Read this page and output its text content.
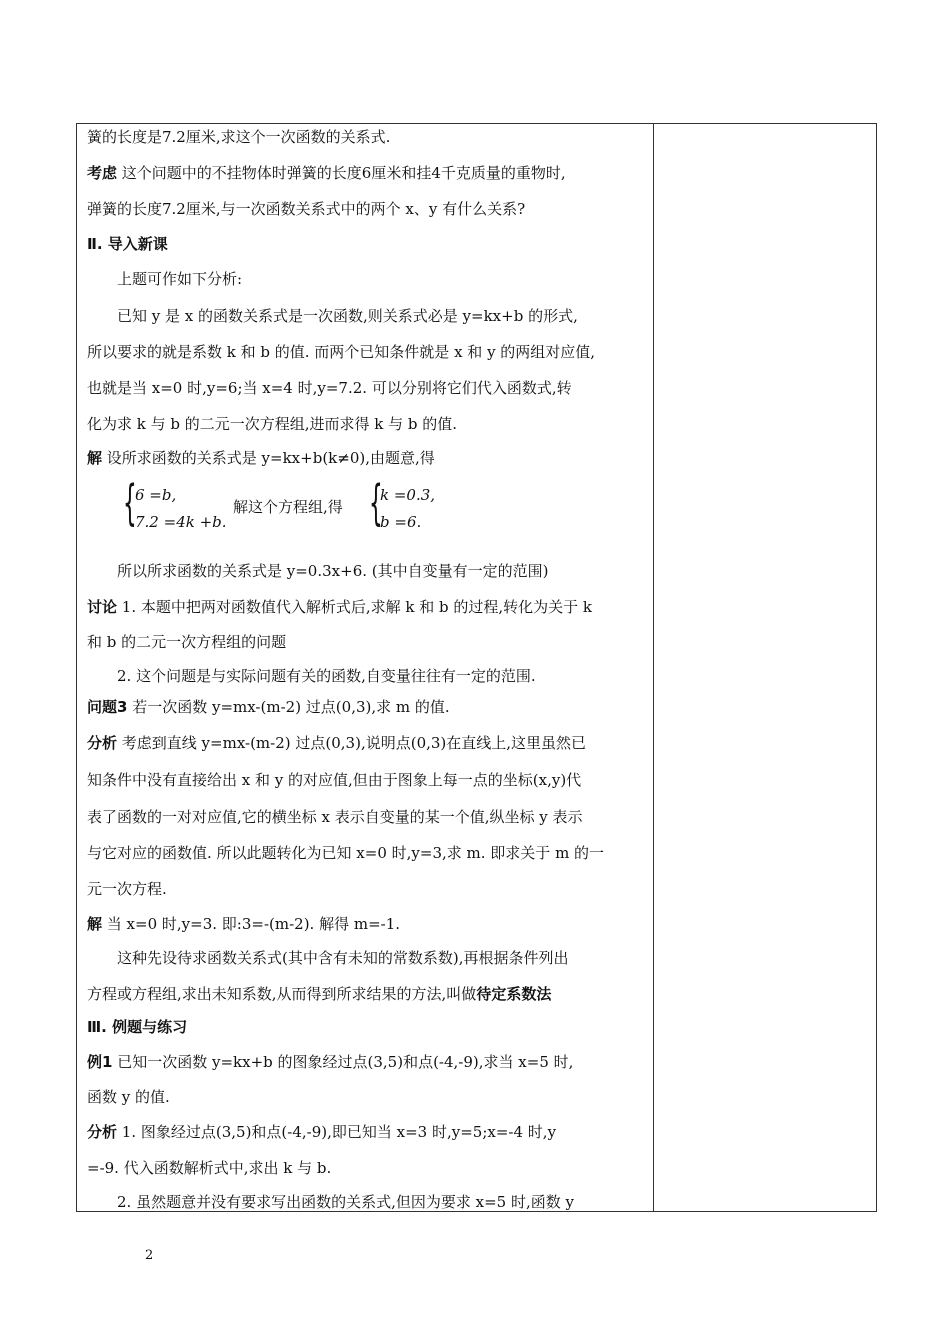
簧的长度是7.2厘米,求这个一次函数的关系式.
考虑 这个问题中的不挂物体时弹簧的长度6厘米和挂4千克质量的重物时,
弹簧的长度7.2厘米,与一次函数关系式中的两个 x、y 有什么关系?
Ⅱ. 导入新课
上题可作如下分析:
已知 y 是 x 的函数关系式是一次函数,则关系式必是 y=kx+b 的形式,
所以要求的就是系数 k 和 b 的值. 而两个已知条件就是 x 和 y 的两组对应值,
也就是当 x=0 时,y=6;当 x=4 时,y=7.2. 可以分别将它们代入函数式,转
化为求 k 与 b 的二元一次方程组,进而求得 k 与 b 的值.
解 设所求函数的关系式是 y=kx+b(k≠0),由题意,得
{
6 =b,
7.2 =4k +b.
解这个方程组,得 {
k =0.3,
b =6.
所以所求函数的关系式是 y=0.3x+6. (其中自变量有一定的范围)
讨论 1. 本题中把两对函数值代入解析式后,求解 k 和 b 的过程,转化为关于 k
和 b 的二元一次方程组的问题
2. 这个问题是与实际问题有关的函数,自变量往往有一定的范围.
问题3 若一次函数 y=mx-(m-2) 过点(0,3),求 m 的值.
分析 考虑到直线 y=mx-(m-2) 过点(0,3),说明点(0,3)在直线上,这里虽然已
知条件中没有直接给出 x 和 y 的对应值,但由于图象上每一点的坐标(x,y)代
表了函数的一对对应值,它的横坐标 x 表示自变量的某一个值,纵坐标 y 表示
与它对应的函数值. 所以此题转化为已知 x=0 时,y=3,求 m. 即求关于 m 的一
元一次方程.
解 当 x=0 时,y=3. 即:3=-(m-2). 解得 m=-1.
这种先设待求函数关系式(其中含有未知的常数系数),再根据条件列出
方程或方程组,求出未知系数,从而得到所求结果的方法,叫做待定系数法
Ⅲ. 例题与练习
例1 已知一次函数 y=kx+b 的图象经过点(3,5)和点(-4,-9),求当 x=5 时,
函数 y 的值.
分析 1. 图象经过点(3,5)和点(-4,-9),即已知当 x=3 时,y=5;x=-4 时,y
=-9. 代入函数解析式中,求出 k 与 b.
2. 虽然题意并没有要求写出函数的关系式,但因为要求 x=5 时,函数 y
2
